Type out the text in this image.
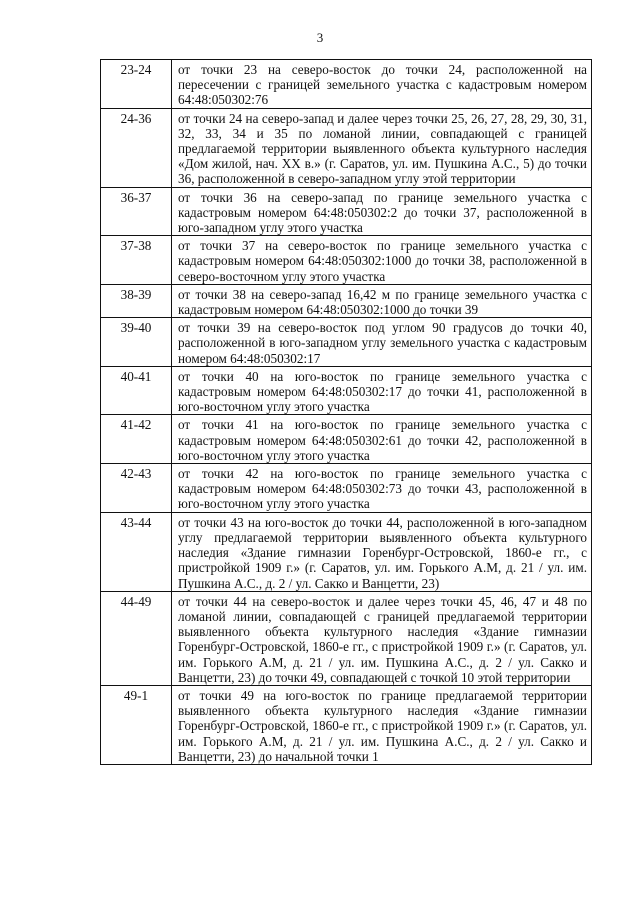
3
23-24	от точки 23 на северо-восток до точки 24, расположенной на пересечении с границей земельного участка с кадастровым номером 64:48:050302:76
24-36	от точки 24 на северо-запад и далее через точки 25, 26, 27, 28, 29, 30, 31, 32, 33, 34 и 35 по ломаной линии, совпадающей с границей предлагаемой территории выявленного объекта культурного наследия «Дом жилой, нач. XX в.» (г. Саратов, ул. им. Пушкина А.С., 5) до точки 36, расположенной в северо-западном углу этой территории
36-37	от точки 36 на северо-запад по границе земельного участка с кадастровым номером 64:48:050302:2 до точки 37, расположенной в юго-западном углу этого участка
37-38	от точки 37 на северо-восток по границе земельного участка с кадастровым номером 64:48:050302:1000 до точки 38, расположенной в северо-восточном углу этого участка
38-39	от точки 38 на северо-запад 16,42 м по границе земельного участка с кадастровым номером 64:48:050302:1000 до точки 39
39-40	от точки 39 на северо-восток под углом 90 градусов до точки 40, расположенной в юго-западном углу земельного участка с кадастровым номером 64:48:050302:17
40-41	от точки 40 на юго-восток по границе земельного участка с кадастровым номером 64:48:050302:17 до точки 41, расположенной в юго-восточном углу этого участка
41-42	от точки 41 на юго-восток по границе земельного участка с кадастровым номером 64:48:050302:61 до точки 42, расположенной в юго-восточном углу этого участка
42-43	от точки 42 на юго-восток по границе земельного участка с кадастровым номером 64:48:050302:73 до точки 43, расположенной в юго-восточном углу этого участка
43-44	от точки 43 на юго-восток до точки 44, расположенной в юго-западном углу предлагаемой территории выявленного объекта культурного наследия «Здание гимназии Горенбург-Островской, 1860-е гг., с пристройкой 1909 г.» (г. Саратов, ул. им. Горького А.М, д. 21 / ул. им. Пушкина А.С., д. 2 / ул. Сакко и Ванцетти, 23)
44-49	от точки 44 на северо-восток и далее через точки 45, 46, 47 и 48 по ломаной линии, совпадающей с границей предлагаемой территории выявленного объекта культурного наследия «Здание гимназии Горенбург-Островской, 1860-е гг., с пристройкой 1909 г.» (г. Саратов, ул. им. Горького А.М, д. 21 / ул. им. Пушкина А.С., д. 2 / ул. Сакко и Ванцетти, 23) до точки 49, совпадающей с точкой 10 этой территории
49-1	от точки 49 на юго-восток по границе предлагаемой территории выявленного объекта культурного наследия «Здание гимназии Горенбург-Островской, 1860-е гг., с пристройкой 1909 г.» (г. Саратов, ул. им. Горького А.М, д. 21 / ул. им. Пушкина А.С., д. 2 / ул. Сакко и Ванцетти, 23) до начальной точки 1
